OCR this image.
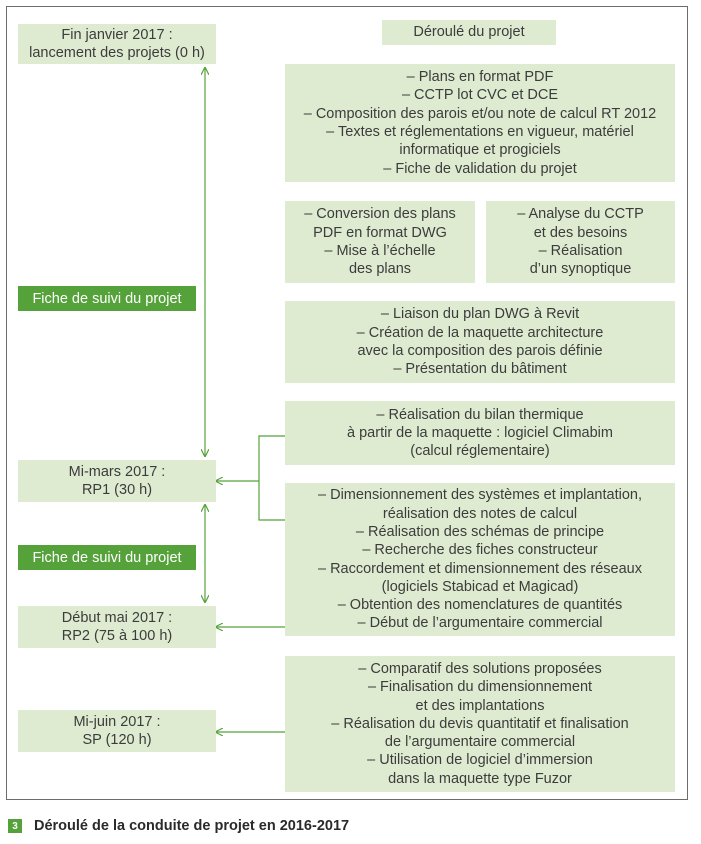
Fin janvier 2017 :
lancement des projets (0 h)
Mi-mars 2017 :
RP1 (30 h)
Début mai 2017 :
RP2 (75 à 100 h)
Mi-juin 2017 :
SP (120 h)
Fiche de suivi du projet
Fiche de suivi du projet
Déroulé du projet
– Plans en format PDF
– CCTP lot CVC et DCE
– Composition des parois et/ou note de calcul RT 2012
– Textes et réglementations en vigueur, matériel
informatique et progiciels
– Fiche de validation du projet
– Conversion des plans
PDF en format DWG
– Mise à l’échelle
des plans
– Analyse du CCTP
et des besoins
– Réalisation
d’un synoptique
– Liaison du plan DWG à Revit
– Création de la maquette architecture
avec la composition des parois définie
– Présentation du bâtiment
– Réalisation du bilan thermique
à partir de la maquette : logiciel Climabim
(calcul réglementaire)
– Dimensionnement des systèmes et implantation,
réalisation des notes de calcul
– Réalisation des schémas de principe
– Recherche des fiches constructeur
– Raccordement et dimensionnement des réseaux
(logiciels Stabicad et Magicad)
– Obtention des nomenclatures de quantités
– Début de l’argumentaire commercial
– Comparatif des solutions proposées
– Finalisation du dimensionnement
et des implantations
– Réalisation du devis quantitatif et finalisation
de l’argumentaire commercial
– Utilisation de logiciel d’immersion
dans la maquette type Fuzor
3 Déroulé de la conduite de projet en 2016-2017
